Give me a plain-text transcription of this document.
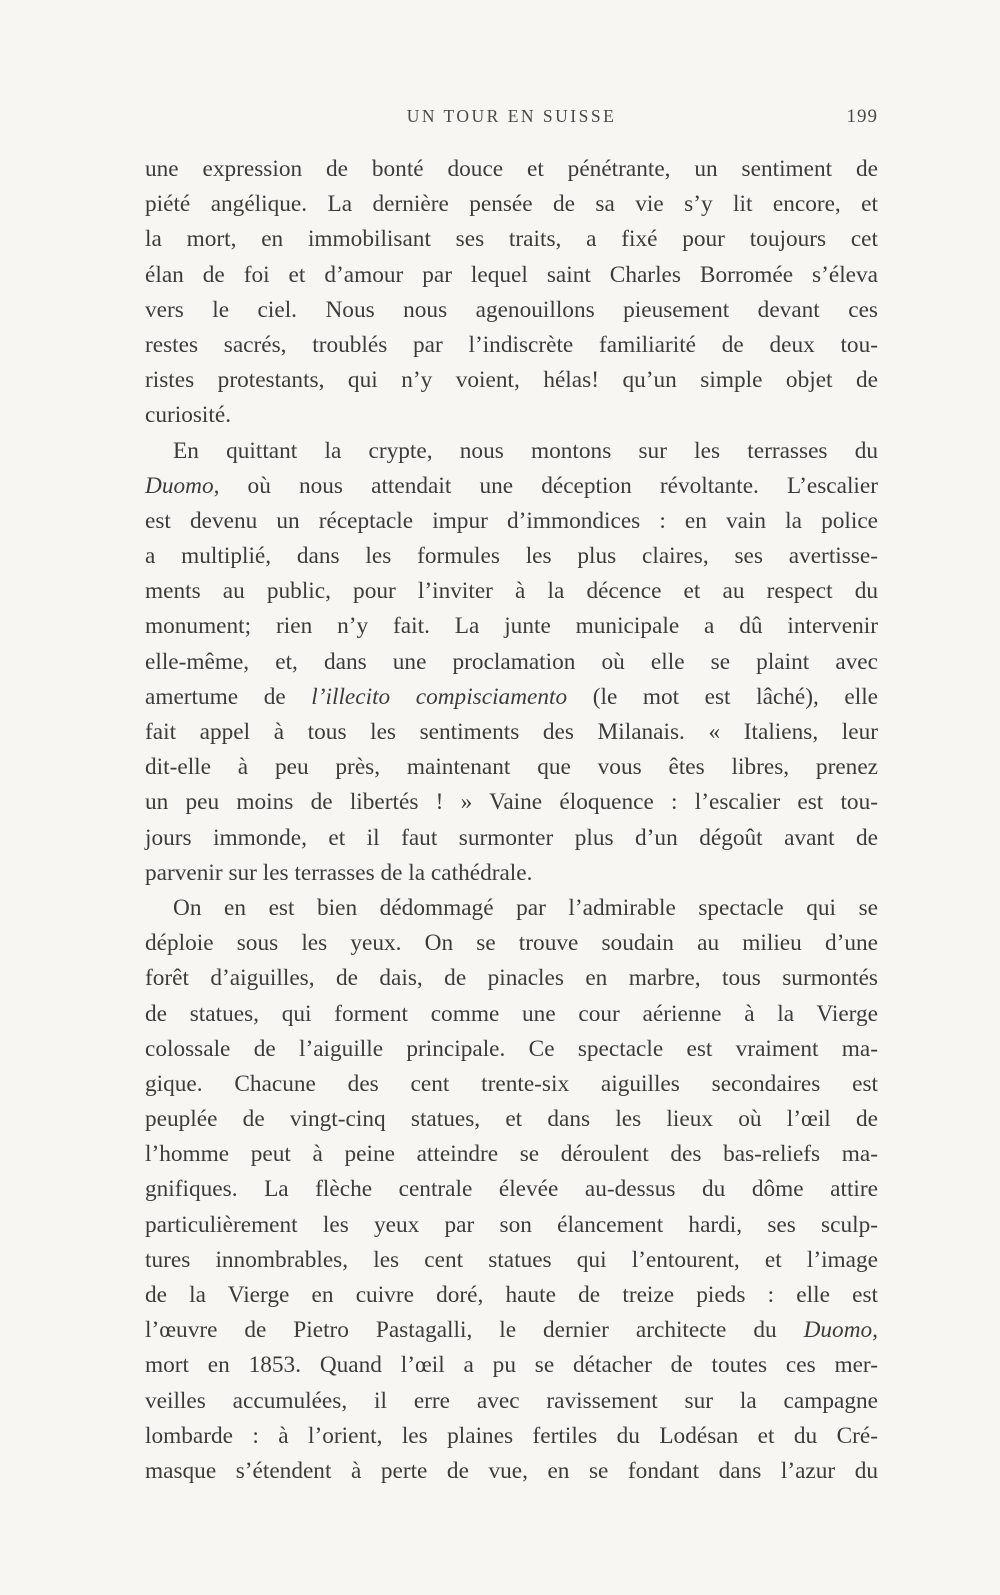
UN TOUR EN SUISSE	199
une expression de bonté douce et pénétrante, un sentiment de
piété angélique. La dernière pensée de sa vie s’y lit encore, et
la mort, en immobilisant ses traits, a fixé pour toujours cet
élan de foi et d’amour par lequel saint Charles Borromée s’éleva
vers le ciel. Nous nous agenouillons pieusement devant ces
restes sacrés, troublés par l’indiscrète familiarité de deux tou-
ristes protestants, qui n’y voient, hélas! qu’un simple objet de
curiosité.
En quittant la crypte, nous montons sur les terrasses du
Duomo, où nous attendait une déception révoltante. L’escalier
est devenu un réceptacle impur d’immondices : en vain la police
a multiplié, dans les formules les plus claires, ses avertisse-
ments au public, pour l’inviter à la décence et au respect du
monument; rien n’y fait. La junte municipale a dû intervenir
elle-même, et, dans une proclamation où elle se plaint avec
amertume de l’illecito compisciamento (le mot est lâché), elle
fait appel à tous les sentiments des Milanais. « Italiens, leur
dit-elle à peu près, maintenant que vous êtes libres, prenez
un peu moins de libertés ! » Vaine éloquence : l’escalier est tou-
jours immonde, et il faut surmonter plus d’un dégoût avant de
parvenir sur les terrasses de la cathédrale.
On en est bien dédommagé par l’admirable spectacle qui se
déploie sous les yeux. On se trouve soudain au milieu d’une
forêt d’aiguilles, de dais, de pinacles en marbre, tous surmontés
de statues, qui forment comme une cour aérienne à la Vierge
colossale de l’aiguille principale. Ce spectacle est vraiment ma-
gique. Chacune des cent trente-six aiguilles secondaires est
peuplée de vingt-cinq statues, et dans les lieux où l’œil de
l’homme peut à peine atteindre se déroulent des bas-reliefs ma-
gnifiques. La flèche centrale élevée au-dessus du dôme attire
particulièrement les yeux par son élancement hardi, ses sculp-
tures innombrables, les cent statues qui l’entourent, et l’image
de la Vierge en cuivre doré, haute de treize pieds : elle est
l’œuvre de Pietro Pastagalli, le dernier architecte du Duomo,
mort en 1853. Quand l’œil a pu se détacher de toutes ces mer-
veilles accumulées, il erre avec ravissement sur la campagne
lombarde : à l’orient, les plaines fertiles du Lodésan et du Cré-
masque s’étendent à perte de vue, en se fondant dans l’azur du
